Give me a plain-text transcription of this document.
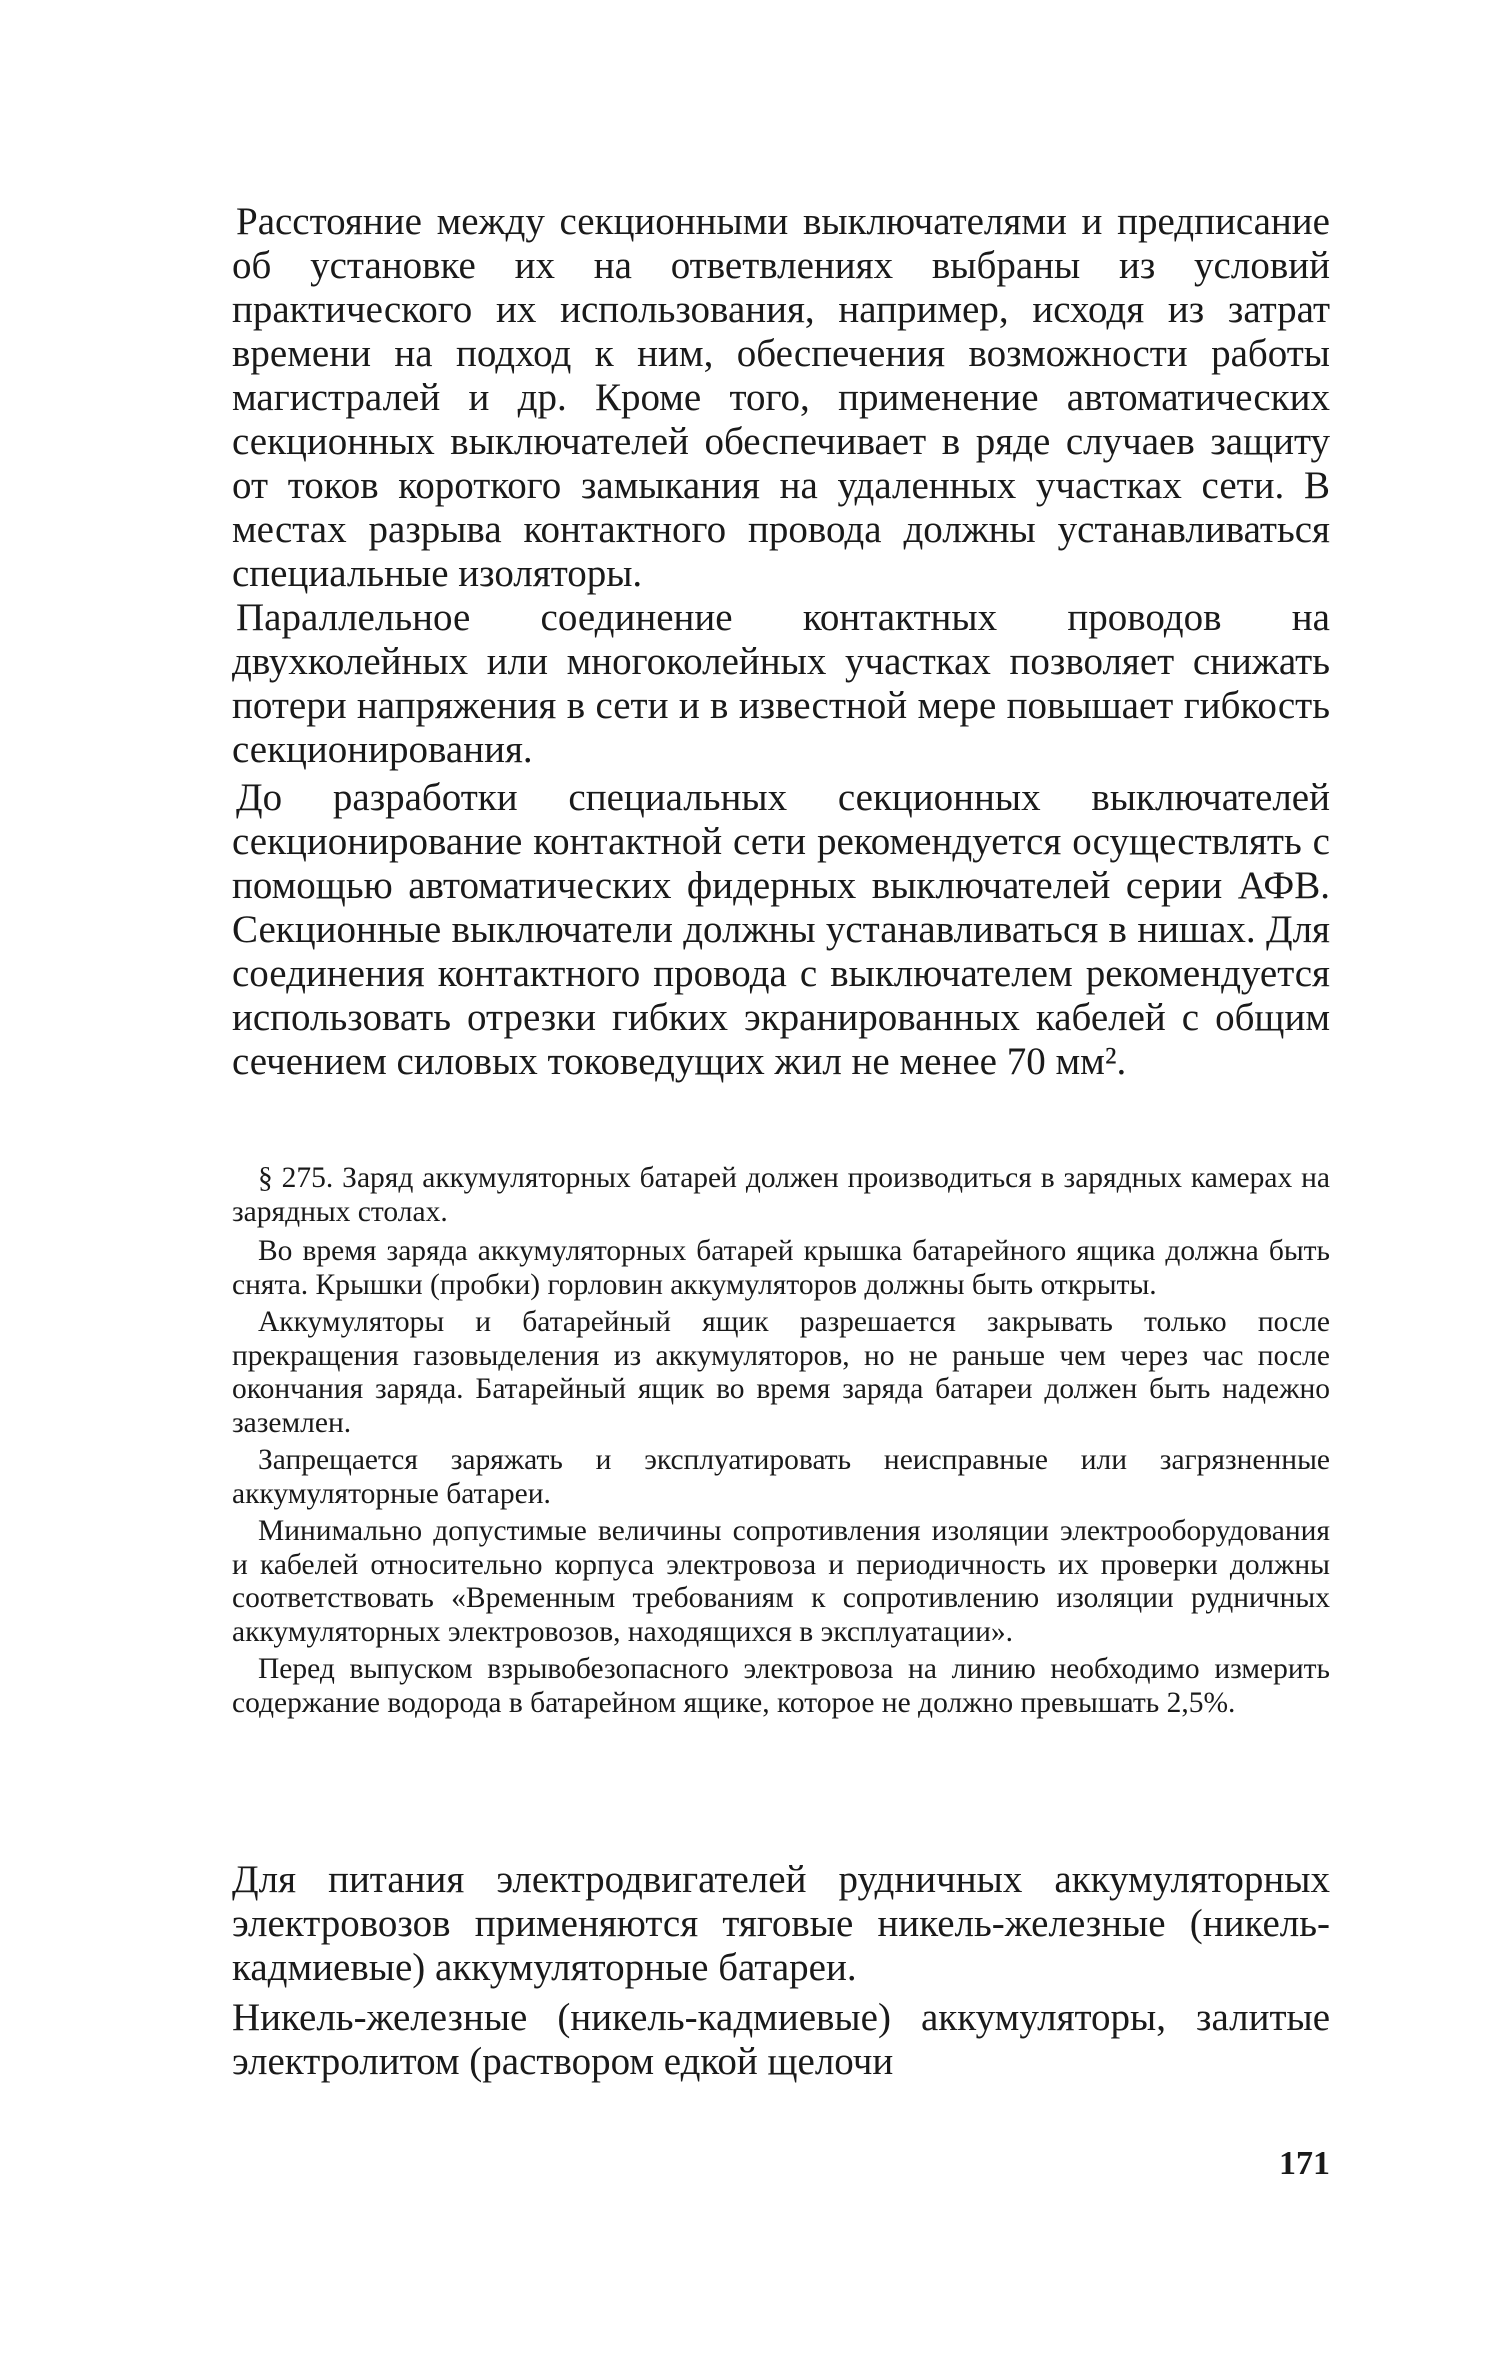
Расстояние между секционными выключателями и предписание об установке их на ответвлениях выбраны из условий практического их использования, например, исходя из затрат времени на подход к ним, обеспечения возможности работы магистралей и др. Кроме того, применение автоматических секционных выключателей обеспечивает в ряде случаев защиту от токов короткого замыкания на удаленных участках сети. В местах разрыва контактного провода должны устанавливаться специальные изоляторы.

Параллельное соединение контактных проводов на двухколейных или многоколейных участках позволяет снижать потери напряжения в сети и в известной мере повышает гибкость секционирования.

До разработки специальных секционных выключателей секционирование контактной сети рекомендуется осуществлять с помощью автоматических фидерных выключателей серии АФВ. Секционные выключатели должны устанавливаться в нишах. Для соединения контактного провода с выключателем рекомендуется использовать отрезки гибких экранированных кабелей с общим сечением силовых токоведущих жил не менее 70 мм².

§ 275. Заряд аккумуляторных батарей должен производиться в зарядных камерах на зарядных столах.

Во время заряда аккумуляторных батарей крышка батарейного ящика должна быть снята. Крышки (пробки) горловин аккумуляторов должны быть открыты.

Аккумуляторы и батарейный ящик разрешается закрывать только после прекращения газовыделения из аккумуляторов, но не раньше чем через час после окончания заряда. Батарейный ящик во время заряда батареи должен быть надежно заземлен.

Запрещается заряжать и эксплуатировать неисправные или загрязненные аккумуляторные батареи.

Минимально допустимые величины сопротивления изоляции электрооборудования и кабелей относительно корпуса электровоза и периодичность их проверки должны соответствовать «Временным требованиям к сопротивлению изоляции рудничных аккумуляторных электровозов, находящихся в эксплуатации».

Перед выпуском взрывобезопасного электровоза на линию необходимо измерить содержание водорода в батарейном ящике, которое не должно превышать 2,5%.

Для питания электродвигателей рудничных аккумуляторных электровозов применяются тяговые никель-железные (никель-кадмиевые) аккумуляторные батареи.

Никель-железные (никель-кадмиевые) аккумуляторы, залитые электролитом (раствором едкой щелочи

171
